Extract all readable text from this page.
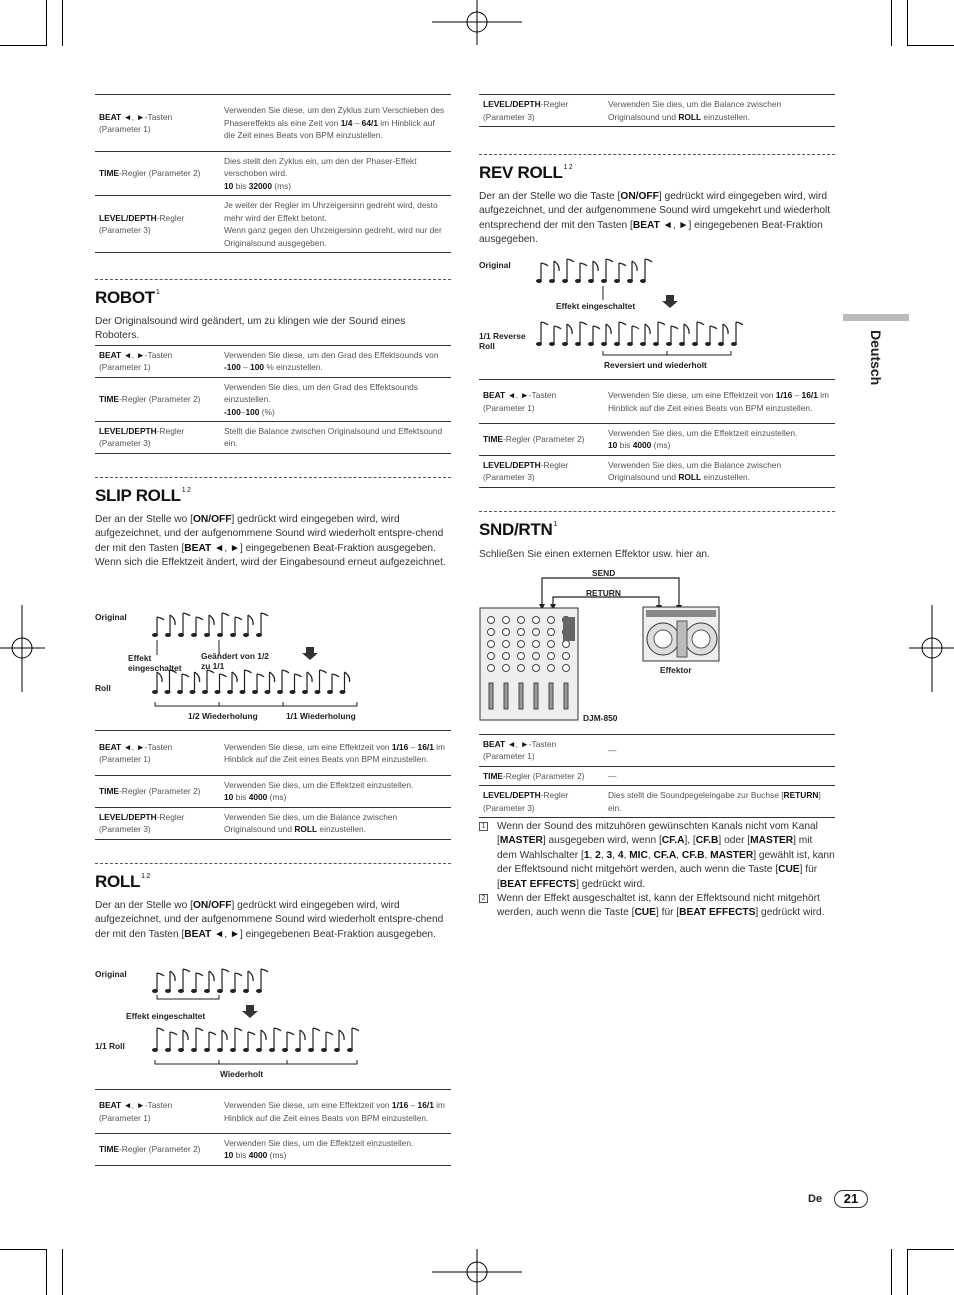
BEAT ◄, ►-Tasten
(Parameter 1)	Verwenden Sie diese, um den Zyklus zum Verschieben des Phasereffekts als eine Zeit von 1/4 – 64/1 im Hinblick auf die Zeit eines Beats von BPM einzustellen.
TIME-Regler (Parameter 2)	Dies stellt den Zyklus ein, um den der Phaser-Effekt verschoben wird.
10 bis 32000 (ms)
LEVEL/DEPTH-Regler
(Parameter 3)	Je weiter der Regler im Uhrzeigersinn gedreht wird, desto mehr wird der Effekt betont.
Wenn ganz gegen den Uhrzeigersinn gedreht, wird nur der Originalsound ausgegeben.
ROBOT$^1$

Der Originalsound wird geändert, um zu klingen wie der Sound eines Roboters.

BEAT ◄, ►-Tasten
(Parameter 1)	Verwenden Sie diese, um den Grad des Effektsounds von -100 – 100 % einzustellen.
TIME-Regler (Parameter 2)	Verwenden Sie dies, um den Grad des Effektsounds einzustellen.
-100–100 (%)
LEVEL/DEPTH-Regler
(Parameter 3)	Stellt die Balance zwischen Originalsound und Effektsound ein.
SLIP $ROLL^{1 2}$

Der an der Stelle wo [ON/OFF] gedrückt wird eingegeben wird, wird aufgezeichnet, und der aufgenommene Sound wird wiederholt entspre-chend der mit den Tasten [BEAT ◄, ►] eingegebenen Beat-Fraktion ausgegeben.
Wenn sich die Effektzeit ändert, wird der Eingabesound erneut aufgezeichnet.

Original
Effekt eingeschaltet
Geändert von 1/2 zu 1/1
Roll
1/2 Wiederholung	1/1 Wiederholung
BEAT ◄, ►-Tasten
(Parameter 1)	Verwenden Sie diese, um eine Effektzeit von 1/16 – 16/1 im Hinblick auf die Zeit eines Beats von BPM einzustellen.
TIME-Regler (Parameter 2)	Verwenden Sie dies, um die Effektzeit einzustellen.
10 bis 4000 (ms)
LEVEL/DEPTH-Regler
(Parameter 3)	Verwenden Sie dies, um die Balance zwischen Originalsound und ROLL einzustellen.
$ROLL^{1 2}$

Der an der Stelle wo [ON/OFF] gedrückt wird eingegeben wird, wird aufgezeichnet, und der aufgenommene Sound wird wiederholt entspre-chend der mit den Tasten [BEAT ◄, ►] eingegebenen Beat-Fraktion ausgegeben.

Original
Effekt eingeschaltet
1/1 Roll
Wiederholt
BEAT ◄, ►-Tasten
(Parameter 1)	Verwenden Sie diese, um eine Effektzeit von 1/16 – 16/1 im Hinblick auf die Zeit eines Beats von BPM einzustellen.
TIME-Regler (Parameter 2)	Verwenden Sie dies, um die Effektzeit einzustellen.
10 bis 4000 (ms)
LEVEL/DEPTH-Regler
(Parameter 3)	Verwenden Sie dies, um die Balance zwischen Originalsound und ROLL einzustellen.
REV $ROLL^{1 2}$

Der an der Stelle wo die Taste [ON/OFF] gedrückt wird eingegeben wird, wird aufgezeichnet, und der aufgenommene Sound wird umgekehrt und wiederholt entsprechend der mit den Tasten [BEAT ◄, ►] eingegebenen Beat-Fraktion ausgegeben.

Original
Effekt eingeschaltet
1/1 Reverse Roll
Reversiert und wiederholt
BEAT ◄, ►-Tasten
(Parameter 1)	Verwenden Sie diese, um eine Effektzeit von 1/16 – 16/1 im Hinblick auf die Zeit eines Beats von BPM einzustellen.
TIME-Regler (Parameter 2)	Verwenden Sie dies, um die Effektzeit einzustellen.
10 bis 4000 (ms)
LEVEL/DEPTH-Regler
(Parameter 3)	Verwenden Sie dies, um die Balance zwischen Originalsound und ROLL einzustellen.
SND/RTN$^1$

Schließen Sie einen externen Effektor usw. hier an.

SEND
RETURN
Effektor
DJM-850
BEAT ◄, ►-Tasten
(Parameter 1)	—
TIME-Regler (Parameter 2)	—
LEVEL/DEPTH-Regler
(Parameter 3)	Dies stellt die Soundpegeleingabe zur Buchse [RETURN] ein.

1 Wenn der Sound des mitzuhören gewünschten Kanals nicht vom Kanal [MASTER] ausgegeben wird, wenn [CF.A], [CF.B] oder [MASTER] mit dem Wahlschalter [1, 2, 3, 4, MIC, CF.A, CF.B, MASTER] gewählt ist, kann der Effektsound nicht mitgehört werden, auch wenn die Taste [CUE] für [BEAT EFFECTS] gedrückt wird.

2 Wenn der Effekt ausgeschaltet ist, kann der Effektsound nicht mitgehört werden, auch wenn die Taste [CUE] für [BEAT EFFECTS] gedrückt wird.

Deutsch
De	21
